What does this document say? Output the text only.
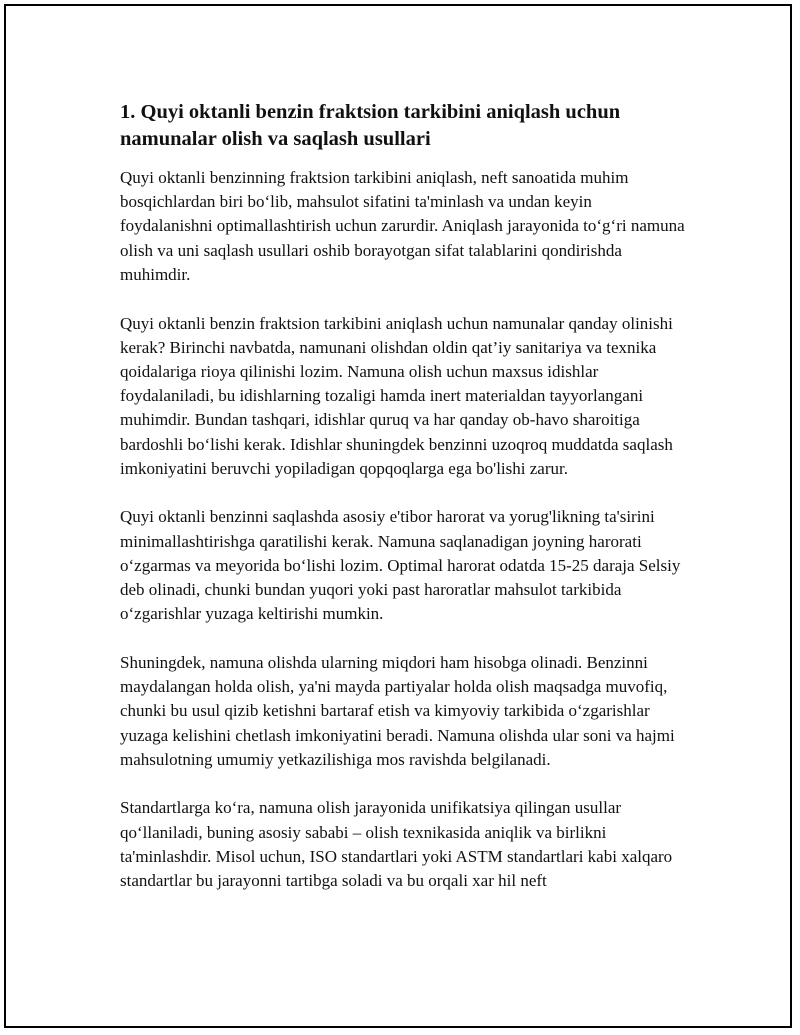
1. Quyi oktanli benzin fraktsion tarkibini aniqlash uchun namunalar olish va saqlash usullari

Quyi oktanli benzinning fraktsion tarkibini aniqlash, neft sanoatida muhim bosqichlardan biri boʻlib, mahsulot sifatini ta'minlash va undan keyin foydalanishni optimallashtirish uchun zarurdir. Aniqlash jarayonida toʻgʻri namuna olish va uni saqlash usullari oshib borayotgan sifat talablarini qondirishda muhimdir.

Quyi oktanli benzin fraktsion tarkibini aniqlash uchun namunalar qanday olinishi kerak? Birinchi navbatda, namunani olishdan oldin qat’iy sanitariya va texnika qoidalariga rioya qilinishi lozim. Namuna olish uchun maxsus idishlar foydalaniladi, bu idishlarning tozaligi hamda inert materialdan tayyorlangani muhimdir. Bundan tashqari, idishlar quruq va har qanday ob-havo sharoitiga bardoshli boʻlishi kerak. Idishlar shuningdek benzinni uzoqroq muddatda saqlash imkoniyatini beruvchi yopiladigan qopqoqlarga ega bo'lishi zarur.

Quyi oktanli benzinni saqlashda asosiy e'tibor harorat va yorug'likning ta'sirini minimallashtirishga qaratilishi kerak. Namuna saqlanadigan joyning harorati oʻzgarmas va meyorida boʻlishi lozim. Optimal harorat odatda 15-25 daraja Selsiy deb olinadi, chunki bundan yuqori yoki past haroratlar mahsulot tarkibida oʻzgarishlar yuzaga keltirishi mumkin.

Shuningdek, namuna olishda ularning miqdori ham hisobga olinadi. Benzinni maydalangan holda olish, ya'ni mayda partiyalar holda olish maqsadga muvofiq, chunki bu usul qizib ketishni bartaraf etish va kimyoviy tarkibida oʻzgarishlar yuzaga kelishini chetlash imkoniyatini beradi. Namuna olishda ular soni va hajmi mahsulotning umumiy yetkazilishiga mos ravishda belgilanadi.

Standartlarga koʻra, namuna olish jarayonida unifikatsiya qilingan usullar qoʻllaniladi, buning asosiy sababi – olish texnikasida aniqlik va birlikni ta'minlashdir. Misol uchun, ISO standartlari yoki ASTM standartlari kabi xalqaro standartlar bu jarayonni tartibga soladi va bu orqali xar hil neft
